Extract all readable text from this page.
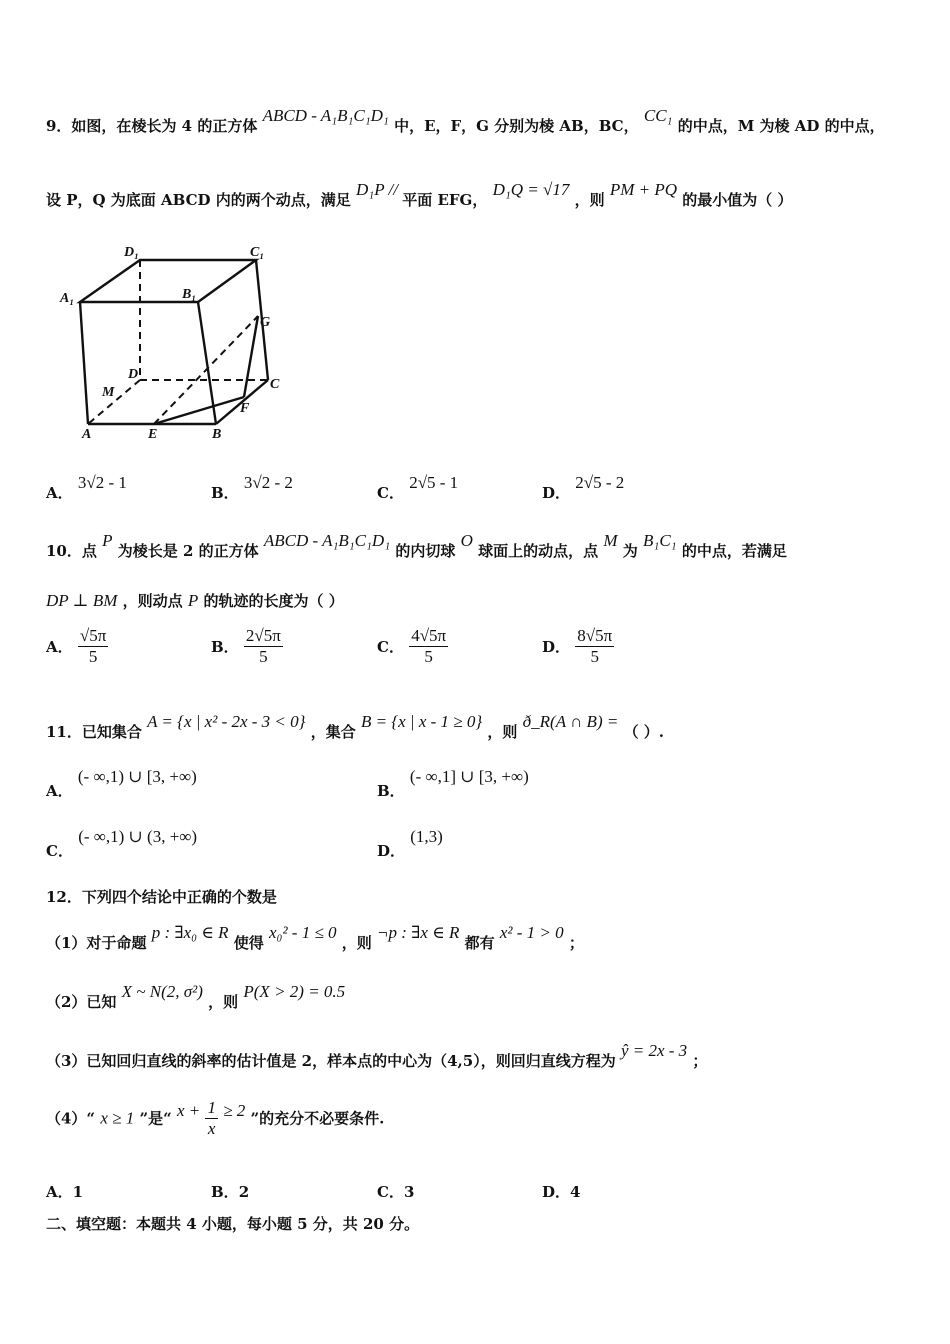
9．如图，在棱长为 4 的正方体 ABCD - A₁B₁C₁D₁ 中，E，F，G 分别为棱 AB，BC， CC₁ 的中点，M 为棱 AD 的中点，
设 P，Q 为底面 ABCD 内的两个动点，满足 D₁P // 平面 EFG， D₁Q = √17 ，则 PM + PQ 的最小值为（ ）
D₁	C₁
A₁	B₁
G
D
M
C
F
A	E	B
A． 3√2 - 1
B． 3√2 - 2
C． 2√5 - 1
D． 2√5 - 2
10．点 P 为棱长是 2 的正方体 ABCD - A₁B₁C₁D₁ 的内切球 O 球面上的动点，点 M 为 B₁C₁ 的中点，若满足
DP ⊥ BM ，则动点 P 的轨迹的长度为（ ）
A． $\frac{√5\pi}{5}$	B． $\frac{2√5\pi}{5}$	C． $\frac{4√5\pi}{5}$	D． $\frac{8√5\pi}{5}$
11．已知集合 A = {x | x² - 2x - 3 < 0} ，集合 B = {x | x - 1 ≥ 0} ，则 ð_R(A ∩ B) = （ ）.
A． (- ∞,1) ∪ [3, +∞)
B． (- ∞,1] ∪ [3, +∞)
C． (- ∞,1) ∪ (3, +∞)
D． (1,3)
12．下列四个结论中正确的个数是
（1）对于命题 p : ∃x₀ ∈ R 使得 x₀² - 1 ≤ 0 ，则 ¬p : ∃x ∈ R 都有 x² - 1 > 0 ；
（2）已知 X ~ N(2, σ²) ，则 P(X > 2) = 0.5
（3）已知回归直线的斜率的估计值是 2，样本点的中心为（4,5），则回归直线方程为 ŷ = 2x - 3 ；
（4）“ x ≥ 1 ”是“ $x + \frac{1}{x} \ge 2$ ”的充分不必要条件.
A．1	B．2	C．3	D．4
二、填空题：本题共 4 小题，每小题 5 分，共 20 分。
